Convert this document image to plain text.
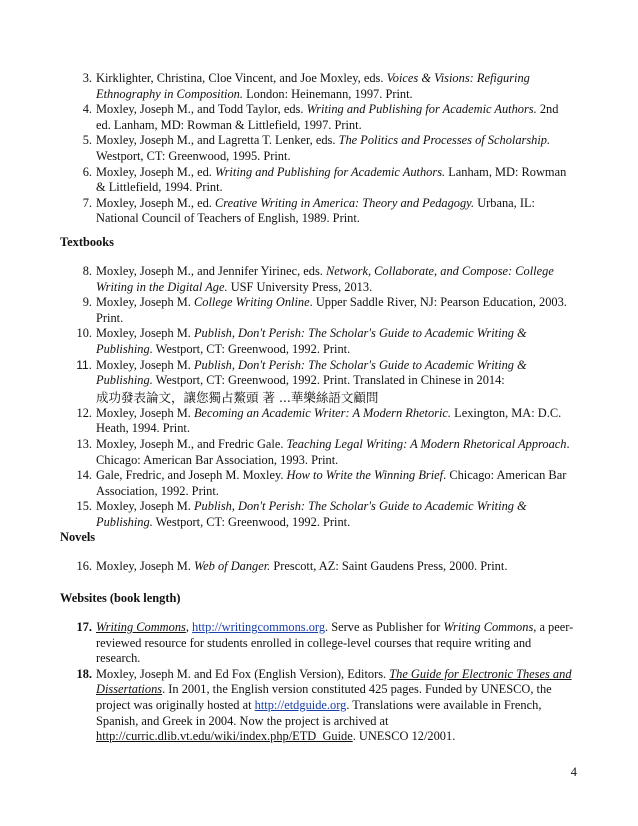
3. Kirklighter, Christina, Cloe Vincent, and Joe Moxley, eds. Voices & Visions: Refiguring Ethnography in Composition. London: Heinemann, 1997. Print.
4. Moxley, Joseph M., and Todd Taylor, eds. Writing and Publishing for Academic Authors. 2nd ed. Lanham, MD: Rowman & Littlefield, 1997. Print.
5. Moxley, Joseph M., and Lagretta T. Lenker, eds. The Politics and Processes of Scholarship. Westport, CT: Greenwood, 1995. Print.
6. Moxley, Joseph M., ed. Writing and Publishing for Academic Authors. Lanham, MD: Rowman & Littlefield, 1994. Print.
7. Moxley, Joseph M., ed. Creative Writing in America: Theory and Pedagogy. Urbana, IL: National Council of Teachers of English, 1989. Print.
Textbooks
8. Moxley, Joseph M., and Jennifer Yirinec, eds. Network, Collaborate, and Compose: College Writing in the Digital Age. USF University Press, 2013.
9. Moxley, Joseph M. College Writing Online. Upper Saddle River, NJ: Pearson Education, 2003. Print.
10. Moxley, Joseph M. Publish, Don't Perish: The Scholar's Guide to Academic Writing & Publishing. Westport, CT: Greenwood, 1992. Print.
11. Moxley, Joseph M. Publish, Don't Perish: The Scholar's Guide to Academic Writing & Publishing. Westport, CT: Greenwood, 1992. Print. Translated in Chinese in 2014:
成功發表論文，讓您獨占鰲頭 著 ...華樂絲語文顧問
12. Moxley, Joseph M. Becoming an Academic Writer: A Modern Rhetoric. Lexington, MA: D.C. Heath, 1994. Print.
13. Moxley, Joseph M., and Fredric Gale. Teaching Legal Writing: A Modern Rhetorical Approach. Chicago: American Bar Association, 1993. Print.
14. Gale, Fredric, and Joseph M. Moxley. How to Write the Winning Brief. Chicago: American Bar Association, 1992. Print.
15. Moxley, Joseph M. Publish, Don't Perish: The Scholar's Guide to Academic Writing & Publishing. Westport, CT: Greenwood, 1992. Print.
Novels
16. Moxley, Joseph M. Web of Danger. Prescott, AZ: Saint Gaudens Press, 2000. Print.
Websites (book length)
17. Writing Commons, http://writingcommons.org. Serve as Publisher for Writing Commons, a peer-reviewed resource for students enrolled in college-level courses that require writing and research.
18. Moxley, Joseph M. and Ed Fox (English Version), Editors. The Guide for Electronic Theses and Dissertations. In 2001, the English version constituted 425 pages. Funded by UNESCO, the project was originally hosted at http://etdguide.org. Translations were available in French, Spanish, and Greek in 2004. Now the project is archived at http://curric.dlib.vt.edu/wiki/index.php/ETD_Guide. UNESCO 12/2001.
4
